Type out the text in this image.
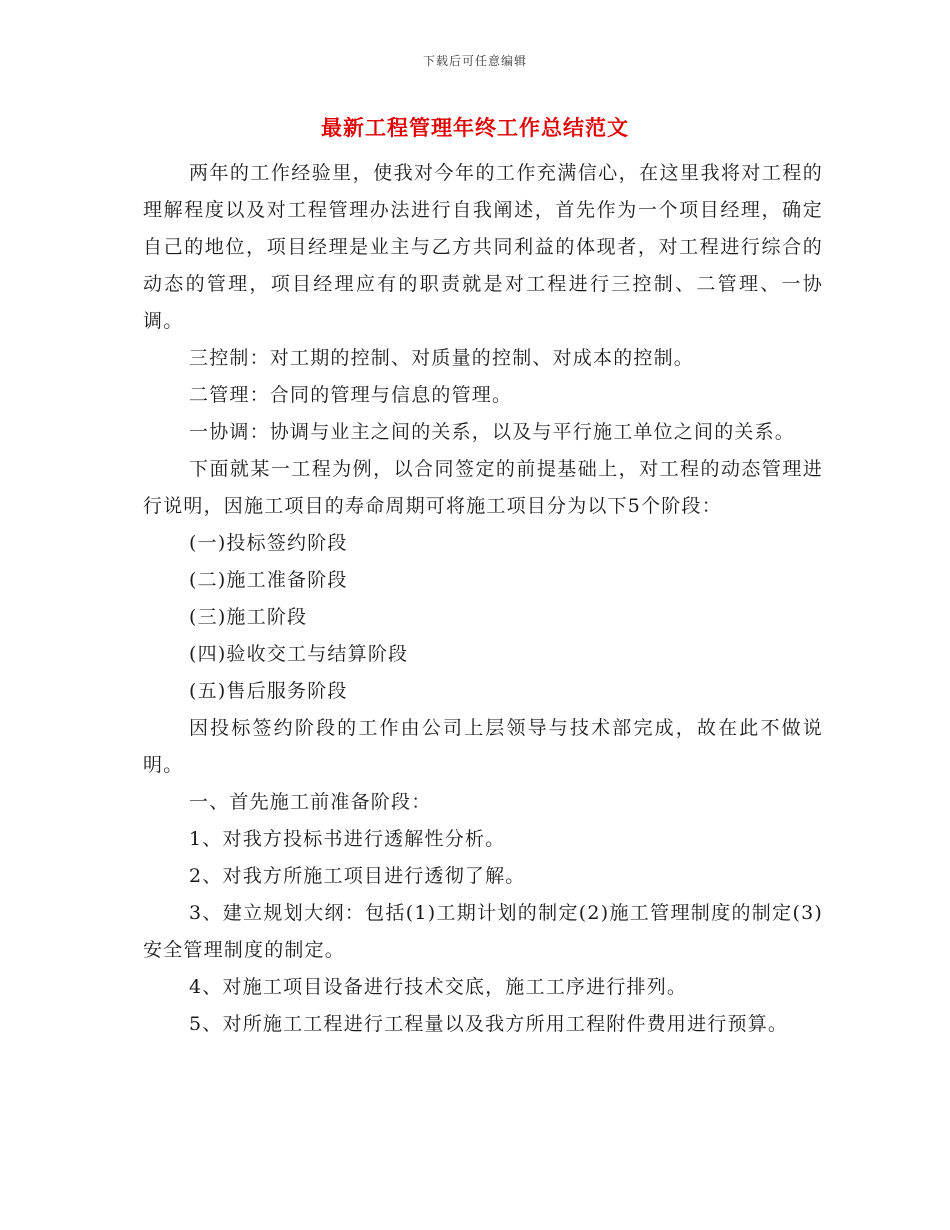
下载后可任意编辑
最新工程管理年终工作总结范文

两年的工作经验里，使我对今年的工作充满信心，在这里我将对工程的理解程度以及对工程管理办法进行自我阐述，首先作为一个项目经理，确定自己的地位，项目经理是业主与乙方共同利益的体现者，对工程进行综合的动态的管理，项目经理应有的职责就是对工程进行三控制、二管理、一协调。

三控制：对工期的控制、对质量的控制、对成本的控制。

二管理：合同的管理与信息的管理。

一协调：协调与业主之间的关系，以及与平行施工单位之间的关系。

下面就某一工程为例，以合同签定的前提基础上，对工程的动态管理进行说明，因施工项目的寿命周期可将施工项目分为以下5个阶段：

(一)投标签约阶段

(二)施工准备阶段

(三)施工阶段

(四)验收交工与结算阶段

(五)售后服务阶段

因投标签约阶段的工作由公司上层领导与技术部完成，故在此不做说明。

一、首先施工前准备阶段：

1、对我方投标书进行透解性分析。

2、对我方所施工项目进行透彻了解。

3、建立规划大纲：包括(1)工期计划的制定(2)施工管理制度的制定(3)安全管理制度的制定。

4、对施工项目设备进行技术交底，施工工序进行排列。

5、对所施工工程进行工程量以及我方所用工程附件费用进行预算。
